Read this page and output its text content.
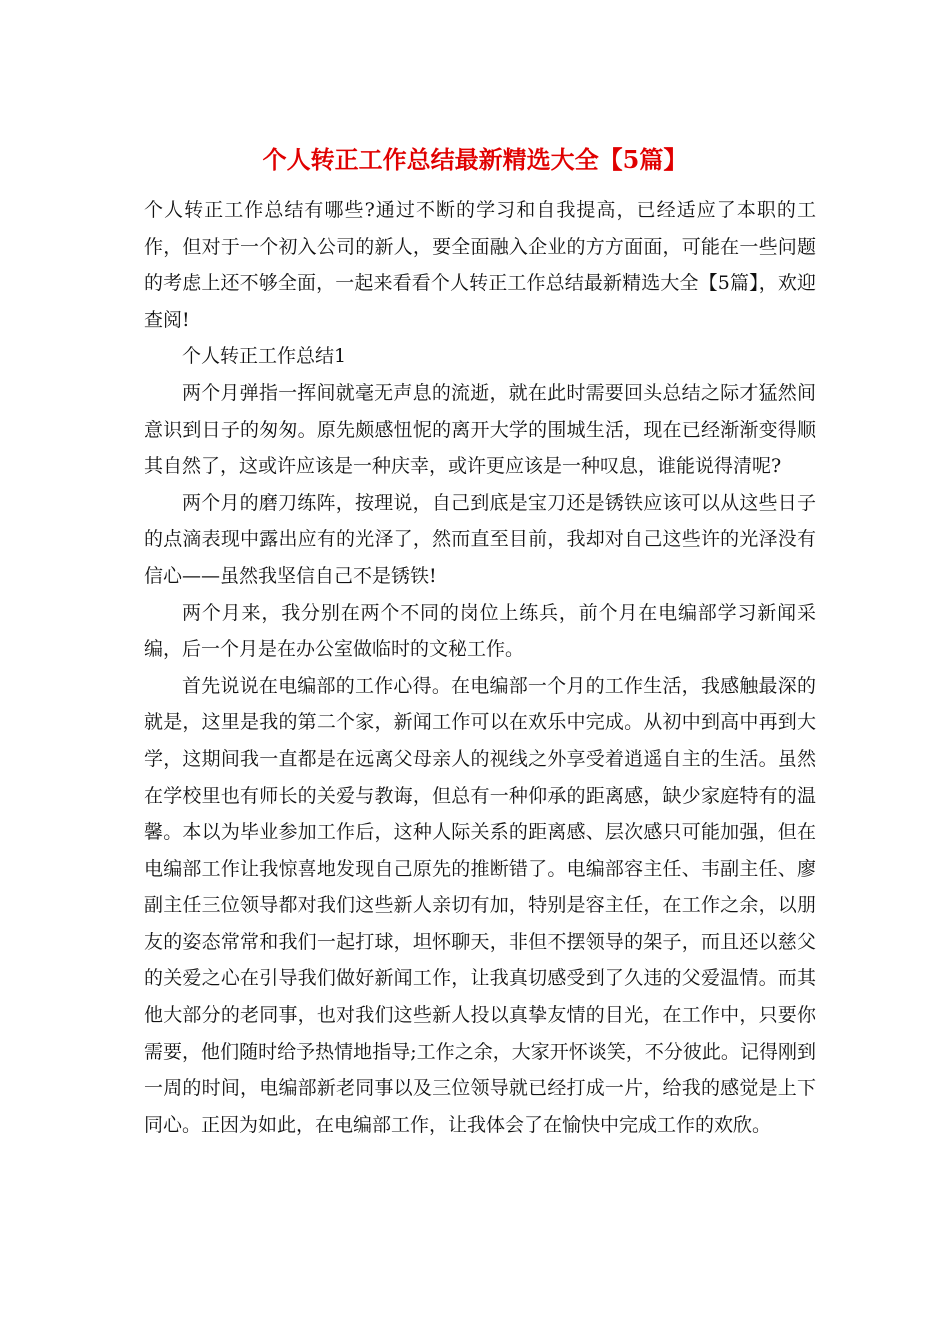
个人转正工作总结最新精选大全【5篇】

个人转正工作总结有哪些?通过不断的学习和自我提高，已经适应了本职的工作，但对于一个初入公司的新人，要全面融入企业的方方面面，可能在一些问题的考虑上还不够全面，一起来看看个人转正工作总结最新精选大全【5篇】，欢迎查阅!

个人转正工作总结1

两个月弹指一挥间就毫无声息的流逝，就在此时需要回头总结之际才猛然间意识到日子的匆匆。原先颇感忸怩的离开大学的围城生活，现在已经渐渐变得顺其自然了，这或许应该是一种庆幸，或许更应该是一种叹息，谁能说得清呢?

两个月的磨刀练阵，按理说，自己到底是宝刀还是锈铁应该可以从这些日子的点滴表现中露出应有的光泽了，然而直至目前，我却对自己这些许的光泽没有信心——虽然我坚信自己不是锈铁!

两个月来，我分别在两个不同的岗位上练兵，前个月在电编部学习新闻采编，后一个月是在办公室做临时的文秘工作。

首先说说在电编部的工作心得。在电编部一个月的工作生活，我感触最深的就是，这里是我的第二个家，新闻工作可以在欢乐中完成。从初中到高中再到大学，这期间我一直都是在远离父母亲人的视线之外享受着逍遥自主的生活。虽然在学校里也有师长的关爱与教诲，但总有一种仰承的距离感，缺少家庭特有的温馨。本以为毕业参加工作后，这种人际关系的距离感、层次感只可能加强，但在电编部工作让我惊喜地发现自己原先的推断错了。电编部容主任、韦副主任、廖副主任三位领导都对我们这些新人亲切有加，特别是容主任，在工作之余，以朋友的姿态常常和我们一起打球，坦怀聊天，非但不摆领导的架子，而且还以慈父的关爱之心在引导我们做好新闻工作，让我真切感受到了久违的父爱温情。而其他大部分的老同事，也对我们这些新人投以真挚友情的目光，在工作中，只要你需要，他们随时给予热情地指导;工作之余，大家开怀谈笑，不分彼此。记得刚到一周的时间，电编部新老同事以及三位领导就已经打成一片，给我的感觉是上下同心。正因为如此，在电编部工作，让我体会了在愉快中完成工作的欢欣。
